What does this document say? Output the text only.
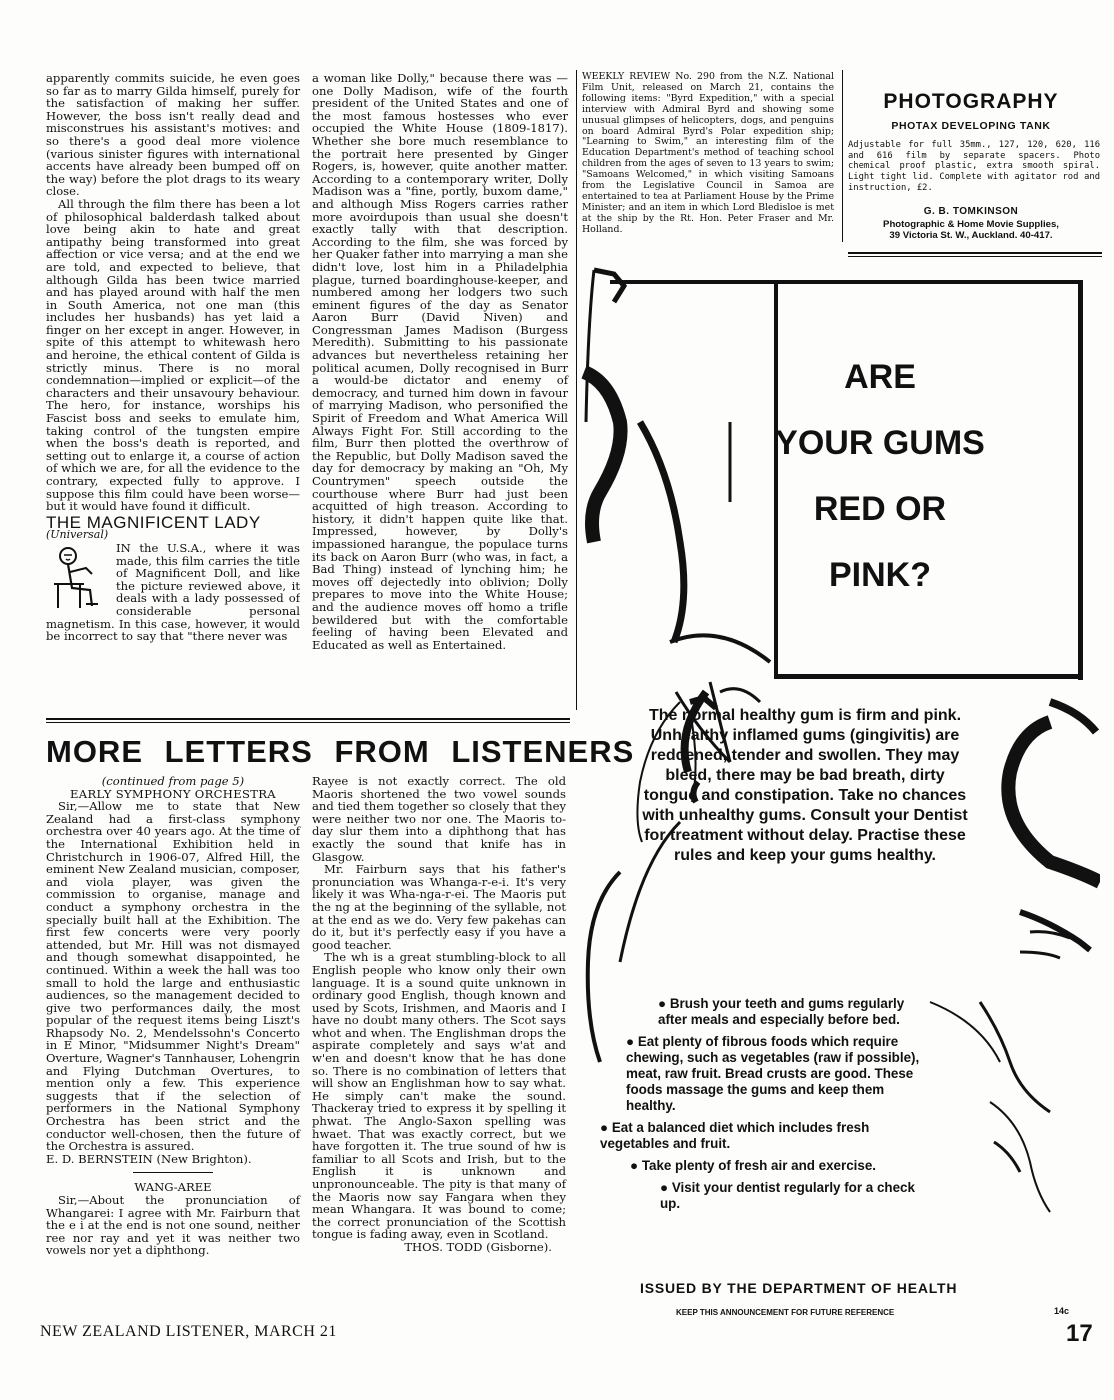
apparently commits suicide, he even goes so far as to marry Gilda himself, purely for the satisfaction of making her suffer. However, the boss isn't really dead and misconstrues his assistant's motives: and so there's a good deal more violence (various sinister figures with international accents have already been bumped off on the way) before the plot drags to its weary close.

All through the film there has been a lot of philosophical balderdash talked about love being akin to hate and great antipathy being transformed into great affection or vice versa; and at the end we are told, and expected to believe, that although Gilda has been twice married and has played around with half the men in South America, not one man (this includes her husbands) has yet laid a finger on her except in anger. However, in spite of this attempt to whitewash hero and heroine, the ethical content of Gilda is strictly minus. There is no moral condemnation—implied or explicit—of the characters and their unsavoury behaviour. The hero, for instance, worships his Fascist boss and seeks to emulate him, taking control of the tungsten empire when the boss's death is reported, and setting out to enlarge it, a course of action of which we are, for all the evidence to the contrary, expected fully to approve. I suppose this film could have been worse—but it would have found it difficult.

THE MAGNIFICENT LADY
(Universal)

IN the U.S.A., where it was made, this film carries the title of Magnificent Doll, and like the picture reviewed above, it deals with a lady possessed of considerable personal magnetism. In this case, however, it would be incorrect to say that "there never was

a woman like Dolly," because there was —one Dolly Madison, wife of the fourth president of the United States and one of the most famous hostesses who ever occupied the White House (1809-1817). Whether she bore much resemblance to the portrait here presented by Ginger Rogers, is, however, quite another matter. According to a contemporary writer, Dolly Madison was a "fine, portly, buxom dame," and although Miss Rogers carries rather more avoirdupois than usual she doesn't exactly tally with that description. According to the film, she was forced by her Quaker father into marrying a man she didn't love, lost him in a Philadelphia plague, turned boardinghouse-keeper, and numbered among her lodgers two such eminent figures of the day as Senator Aaron Burr (David Niven) and Congressman James Madison (Burgess Meredith). Submitting to his passionate advances but nevertheless retaining her political acumen, Dolly recognised in Burr a would-be dictator and enemy of democracy, and turned him down in favour of marrying Madison, who personified the Spirit of Freedom and What America Will Always Fight For. Still according to the film, Burr then plotted the overthrow of the Republic, but Dolly Madison saved the day for democracy by making an "Oh, My Countrymen" speech outside the courthouse where Burr had just been acquitted of high treason. According to history, it didn't happen quite like that. Impressed, however, by Dolly's impassioned harangue, the populace turns its back on Aaron Burr (who was, in fact, a Bad Thing) instead of lynching him; he moves off dejectedly into oblivion; Dolly prepares to move into the White House; and the audience moves off homo a trifle bewildered but with the comfortable feeling of having been Elevated and Educated as well as Entertained.

WEEKLY REVIEW No. 290 from the N.Z. National Film Unit, released on March 21, contains the following items: "Byrd Expedition," with a special interview with Admiral Byrd and showing some unusual glimpses of helicopters, dogs, and penguins on board Admiral Byrd's Polar expedition ship; "Learning to Swim," an interesting film of the Education Department's method of teaching school children from the ages of seven to 13 years to swim; "Samoans Welcomed," in which visiting Samoans from the Legislative Council in Samoa are entertained to tea at Parliament House by the Prime Minister; and an item in which Lord Bledisloe is met at the ship by the Rt. Hon. Peter Fraser and Mr. Holland.

PHOTOGRAPHY
PHOTAX DEVELOPING TANK
Adjustable for full 35mm., 127, 120, 620, 116 and 616 film by separate spacers. Photo chemical proof plastic, extra smooth spiral. Light tight lid. Complete with agitator rod and instruction, £2.
G. B. TOMKINSON
Photographic & Home Movie Supplies,
39 Victoria St. W., Auckland. 40-417.
MORE LETTERS FROM LISTENERS
(continued from page 5)
EARLY SYMPHONY ORCHESTRA

Sir,—Allow me to state that New Zealand had a first-class symphony orchestra over 40 years ago. At the time of the International Exhibition held in Christchurch in 1906-07, Alfred Hill, the eminent New Zealand musician, composer, and viola player, was given the commission to organise, manage and conduct a symphony orchestra in the specially built hall at the Exhibition. The first few concerts were very poorly attended, but Mr. Hill was not dismayed and though somewhat disappointed, he continued. Within a week the hall was too small to hold the large and enthusiastic audiences, so the management decided to give two performances daily, the most popular of the request items being Liszt's Rhapsody No. 2, Mendelssohn's Concerto in E Minor, "Midsummer Night's Dream" Overture, Wagner's Tannhauser, Lohengrin and Flying Dutchman Overtures, to mention only a few. This experience suggests that if the selection of performers in the National Symphony Orchestra has been strict and the conductor well-chosen, then the future of the Orchestra is assured.

E. D. BERNSTEIN (New Brighton).

WANG-AREE

Sir,—About the pronunciation of Whangarei: I agree with Mr. Fairburn that the e i at the end is not one sound, neither ree nor ray and yet it was neither two vowels nor yet a diphthong.

Rayee is not exactly correct. The old Maoris shortened the two vowel sounds and tied them together so closely that they were neither two nor one. The Maoris to-day slur them into a diphthong that has exactly the sound that knife has in Glasgow.

Mr. Fairburn says that his father's pronunciation was Whanga-r-e-i. It's very likely it was Wha-nga-r-ei. The Maoris put the ng at the beginning of the syllable, not at the end as we do. Very few pakehas can do it, but it's perfectly easy if you have a good teacher.

The wh is a great stumbling-block to all English people who know only their own language. It is a sound quite unknown in ordinary good English, though known and used by Scots, Irishmen, and Maoris and I have no doubt many others. The Scot says whot and when. The Englishman drops the aspirate completely and says w'at and w'en and doesn't know that he has done so. There is no combination of letters that will show an Englishman how to say what. He simply can't make the sound. Thackeray tried to express it by spelling it phwat. The Anglo-Saxon spelling was hwaet. That was exactly correct, but we have forgotten it. The true sound of hw is familiar to all Scots and Irish, but to the English it is unknown and unpronounceable. The pity is that many of the Maoris now say Fangara when they mean Whangara. It was bound to come; the correct pronunciation of the Scottish tongue is fading away, even in Scotland.

THOS. TODD (Gisborne).

ARE
YOUR GUMS
RED OR
PINK?
The normal healthy gum is firm and pink. Unhealthy inflamed gums (gingivitis) are reddened, tender and swollen. They may bleed, there may be bad breath, dirty tongue and constipation. Take no chances with unhealthy gums. Consult your Dentist for treatment without delay. Practise these rules and keep your gums healthy.
● Brush your teeth and gums regularly after meals and especially before bed.
● Eat plenty of fibrous foods which require chewing, such as vegetables (raw if possible), meat, raw fruit. Bread crusts are good. These foods massage the gums and keep them healthy.
● Eat a balanced diet which includes fresh vegetables and fruit.
● Take plenty of fresh air and exercise.
● Visit your dentist regularly for a check up.
ISSUED BY THE DEPARTMENT OF HEALTH
KEEP THIS ANNOUNCEMENT FOR FUTURE REFERENCE	14c
NEW ZEALAND LISTENER, MARCH 21	17
